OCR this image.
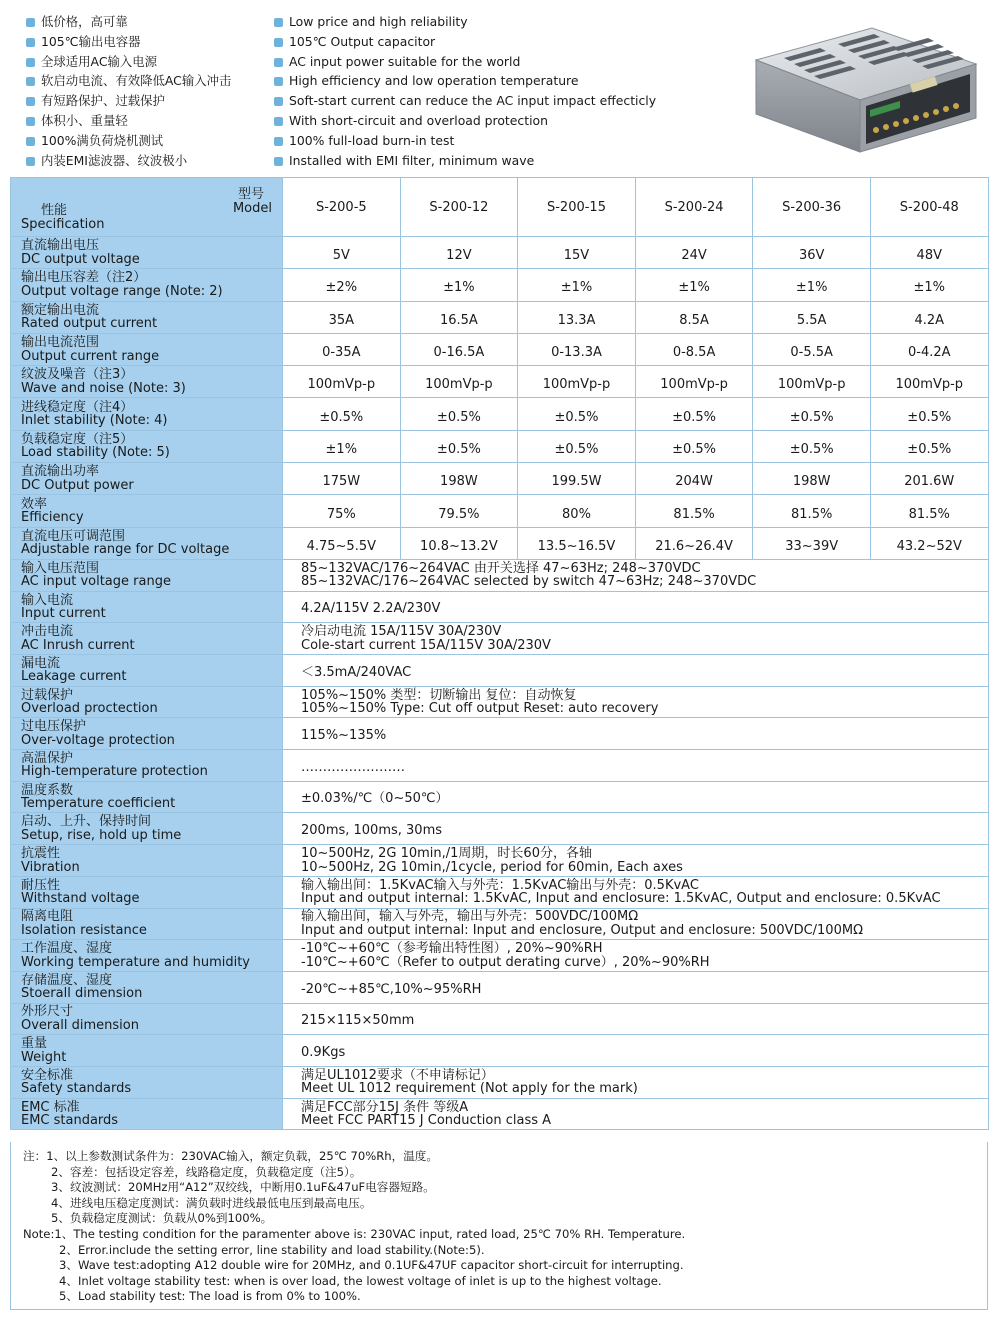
低价格，高可靠
105℃输出电容器
全球适用AC输入电源
软启动电流、有效降低AC输入冲击
有短路保护、过载保护
体积小、重量轻
100%满负荷烧机测试
内装EMI滤波器、纹波极小
Low price and high reliability
105℃ Output capacitor
AC input power suitable for the world
High efficiency and low operation temperature
Soft-start current can reduce the AC input impact effecticly
With short-circuit and overload protection
100% full-load burn-in test
Installed with EMI filter, minimum wave
型号
Model
性能
Specification	S-200-5	S-200-12	S-200-15	S-200-24	S-200-36	S-200-48

直流输出电压
DC output voltage	5V	12V	15V	24V	36V	48V

输出电压容差（注2）
Output voltage range (Note: 2)	±2%	±1%	±1%	±1%	±1%	±1%

额定输出电流
Rated output current	35A	16.5A	13.3A	8.5A	5.5A	4.2A

输出电流范围
Output current range	0-35A	0-16.5A	0-13.3A	0-8.5A	0-5.5A	0-4.2A

纹波及噪音（注3）
Wave and noise (Note: 3)	100mVp-p	100mVp-p	100mVp-p	100mVp-p	100mVp-p	100mVp-p

进线稳定度（注4）
Inlet stability (Note: 4)	±0.5%	±0.5%	±0.5%	±0.5%	±0.5%	±0.5%

负载稳定度（注5）
Load stability (Note: 5)	±1%	±0.5%	±0.5%	±0.5%	±0.5%	±0.5%

直流输出功率
DC Output power	175W	198W	199.5W	204W	198W	201.6W

效率
Efficiency	75%	79.5%	80%	81.5%	81.5%	81.5%

直流电压可调范围
Adjustable range for DC voltage	4.75~5.5V	10.8~13.2V	13.5~16.5V	21.6~26.4V	33~39V	43.2~52V

输入电压范围
AC input voltage range	85~132VAC/176~264VAC 由开关选择 47~63Hz; 248~370VDC
85~132VAC/176~264VAC selected by switch 47~63Hz; 248~370VDC					

输入电流
Input current	4.2A/115V 2.2A/230V					

冲击电流
AC Inrush current	冷启动电流 15A/115V 30A/230V
Cole-start current 15A/115V 30A/230V					

漏电流
Leakage current	＜3.5mA/240VAC					

过载保护
Overload proctection	105%~150% 类型：切断输出 复位：自动恢复
105%~150% Type: Cut off output Reset: auto recovery					

过电压保护
Over-voltage protection	115%~135%					

高温保护
High-temperature protection	……………………					

温度系数
Temperature coefficient	±0.03%/℃（0~50℃）					

启动、上升、保持时间
Setup, rise, hold up time	200ms, 100ms, 30ms					

抗震性
Vibration	10~500Hz, 2G 10min,/1周期，时长60分，各轴
10~500Hz, 2G 10min,/1cycle, period for 60min, Each axes					

耐压性
Withstand voltage	输入输出间：1.5KvAC输入与外壳：1.5KvAC输出与外壳：0.5KvAC
Input and output internal: 1.5KvAC, Input and enclosure: 1.5KvAC, Output and enclosure: 0.5KvAC					

隔离电阻
Isolation resistance	输入输出间，输入与外壳，输出与外壳：500VDC/100MΩ
Input and output internal: Input and enclosure, Output and enclosure: 500VDC/100MΩ					

工作温度、湿度
Working temperature and humidity	-10℃~+60℃（参考输出特性图）, 20%~90%RH
-10℃~+60℃（Refer to output derating curve）, 20%~90%RH					

存储温度、湿度
Stoerall dimension	-20℃~+85℃,10%~95%RH					

外形尺寸
Overall dimension	215×115×50mm					

重量
Weight	0.9Kgs					

安全标准
Safety standards	满足UL1012要求（不申请标记）
Meet UL 1012 requirement (Not apply for the mark)					

EMC 标准
EMC standards	满足FCC部分15J 条件 等级A
Meet FCC PART15 J Conduction class A					
注：1、以上参数测试条件为：230VAC输入，额定负载，25℃ 70%Rh，温度。
2、容差：包括设定容差，线路稳定度，负载稳定度（注5）。
3、纹波测试：20MHz用“A12”双绞线，中断用0.1uF&47uF电容器短路。
4、进线电压稳定度测试：满负载时进线最低电压到最高电压。
5、负载稳定度测试：负载从0%到100%。
Note:1、The testing condition for the paramenter above is: 230VAC input, rated load, 25℃ 70% RH. Temperature.
2、Error.include the setting error, line stability and load stability.(Note:5).
3、Wave test:adopting A12 double wire for 20MHz, and 0.1UF&47UF capacitor short-circuit for interrupting.
4、Inlet voltage stability test: when is over load, the lowest voltage of inlet is up to the highest voltage.
5、Load stability test: The load is from 0% to 100%.
